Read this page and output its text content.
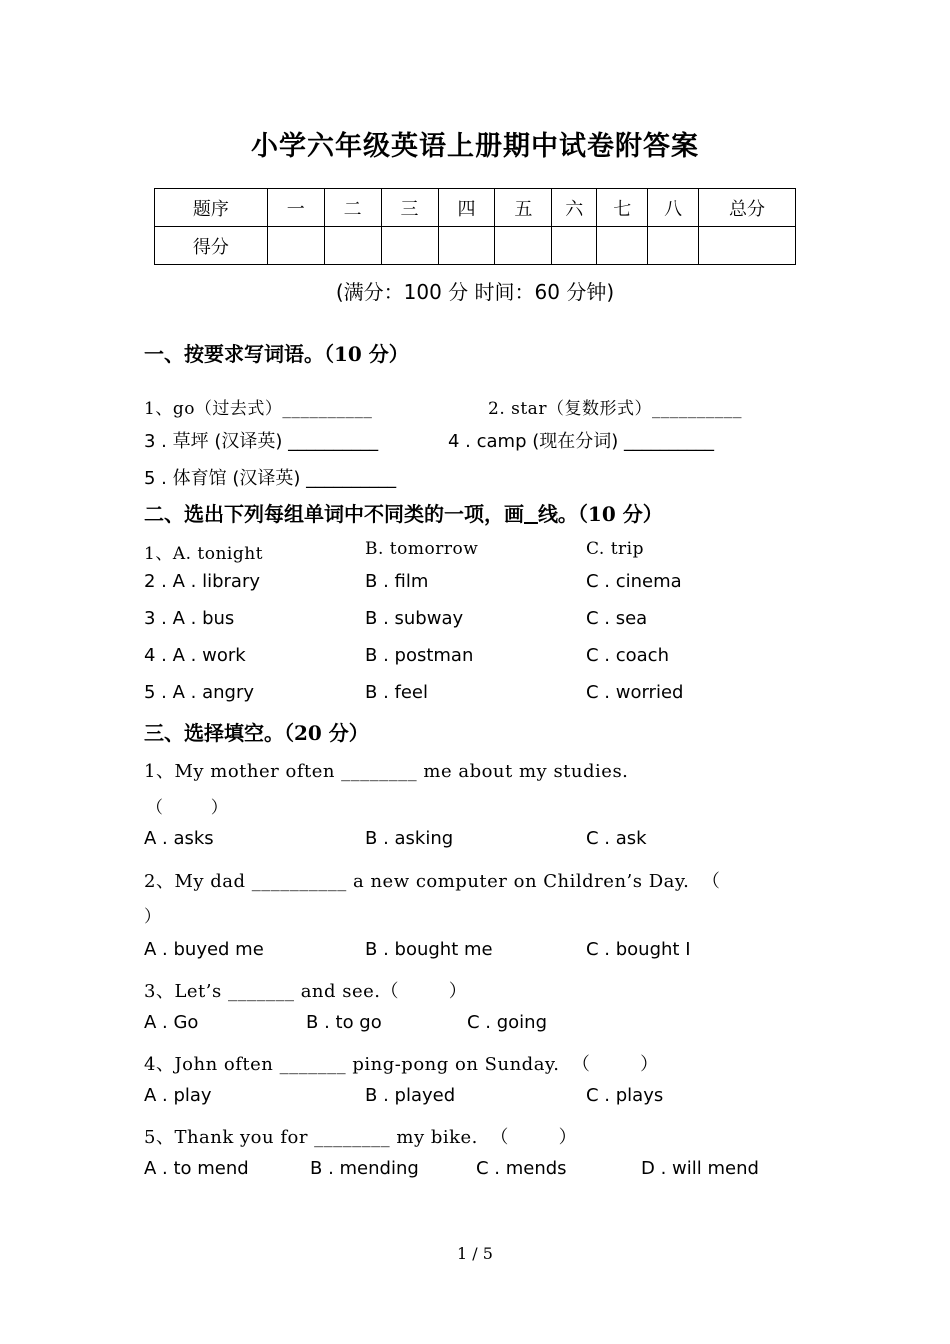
小学六年级英语上册期中试卷附答案
题序	一	二	三	四	五	六	七	八	总分
得分									
(满分：100 分 时间：60 分钟)
一、按要求写词语。（10 分）
1、go（过去式）__________	2. star（复数形式）__________
3 . 草坪 (汉译英) __________	4 . camp (现在分词) __________
5 . 体育馆 (汉译英) __________
二、选出下列每组单词中不同类的一项，画 线。（10 分）
1、A. tonight	B. tomorrow	C. trip
2 . A . library	B . film	C . cinema
3 . A . bus	B . subway	C . sea
4 . A . work	B . postman	C . coach
5 . A . angry	B . feel	C . worried
三、选择填空。（20 分）
1、My mother often ________ me about my studies.
（        ）
A . asks	B . asking	C . ask
2、My dad __________ a new computer on Children’s Day.  （
）
A . buyed me	B . bought me	C . bought I
3、Let’s _______ and see.（        ）
A . Go	B . to go	C . going
4、John often _______ ping-pong on Sunday.  （        ）
A . play	B . played	C . plays
5、Thank you for ________ my bike.  （        ）
A . to mend	B . mending	C . mends	D . will mend
1 / 5
